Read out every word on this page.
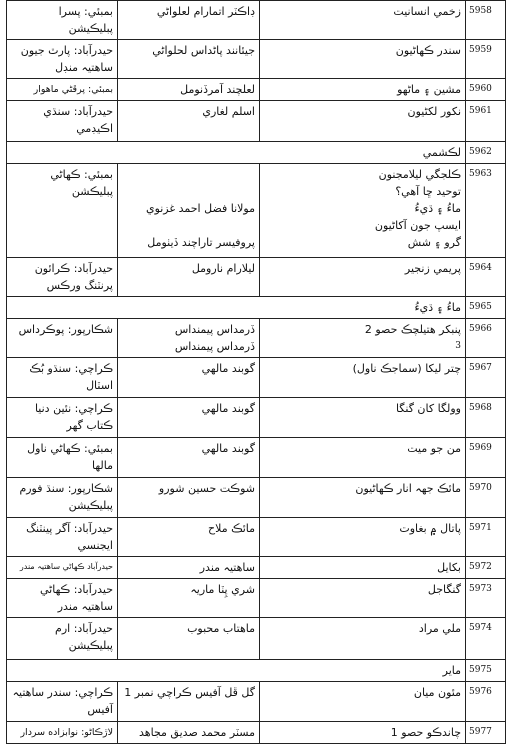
بمبئي: پسرا
پبليڪيشن	ڊاڪٽر اتمارام لعلواڻي	زخمي انسانيت	5958

حيدرآباد: پارٽ جيون
ساهتيہ منڊل	جيئانند پاڻداس لحلواڻي	سندر ڪهاڻيون	5959

بمبئي: پرڦڻي ماهوار	لعلچند آمرڏنومل	مشين ۽ ماڻهو	5960

حيدرآباد: سنڌي
اڪيڊمي	اسلم لغاري	نکور لکڻيون	5961

لڪشمي			5962

بمبئي: ڪهاڻي
پبليڪشن	مولانا فضل احمد غزنوي
پروفيسر تاراچند ڏيٺومل	ڪلجگي ليلامجنون
توحيد ڇا آهي؟
ماءُ ۽ ڌيءُ
ايسپ جون آکاڻيون
گرو ۽ شش	5963

حيدرآباد: ڪرائون
پرنٽنگ ورڪس	ليلارام نارومل	پريمي زنجير	5964

ماءُ ۽ ڌيءُ			5965

شڪارپور: پوڪرداس	ڏرمداس پيمنداس
ڏرمداس پيمنداس	پنبکر هتيلچڪ حصو 2
3	5966

ڪراچي: سنڌو بُڪ
اسٽال	گوبند مالهي	چتر ليکا (سماجڪ ناول)	5967

ڪراچي: نئين دنيا
ڪتاب گهر	گوبند مالهي	وولگا کان گنگا	5968

بمبئي: ڪهاڻي ناول
مالها	گوبند مالهي	من جو ميت	5969

شڪارپور: سنڌ فورم
پبليڪيشن	شوڪت حسين شورو	مائڪ جهہ انار ڪهاڻيون	5970

حيدرآباد: آگر پينٽنگ
ايجنسي	مائڪ ملاح	پاتال ۾ بغاوت	5971

حيدرآباد ڪهاڻي ساهتيہ مندر	ساهتيہ مندر	بکايل	5972

حيدرآباد: ڪهاڻي
ساهتيہ مندر	شري پِٽا ماريہ	گنگاجل	5973

حيدرآباد: ارم
پبليڪيشن	ماهتاب محبوب	ملي مراد	5974

ماير			5975

ڪراچي: سندر ساهتيہ
آفيس	گل ڦل آفيس ڪراچي نمبر 1	مئون ميان	5976

لاڙڪاڻو: نوابزاده سردار	مسٽر محمد صديق مجاهد	چاندڪو حصو 1	5977
